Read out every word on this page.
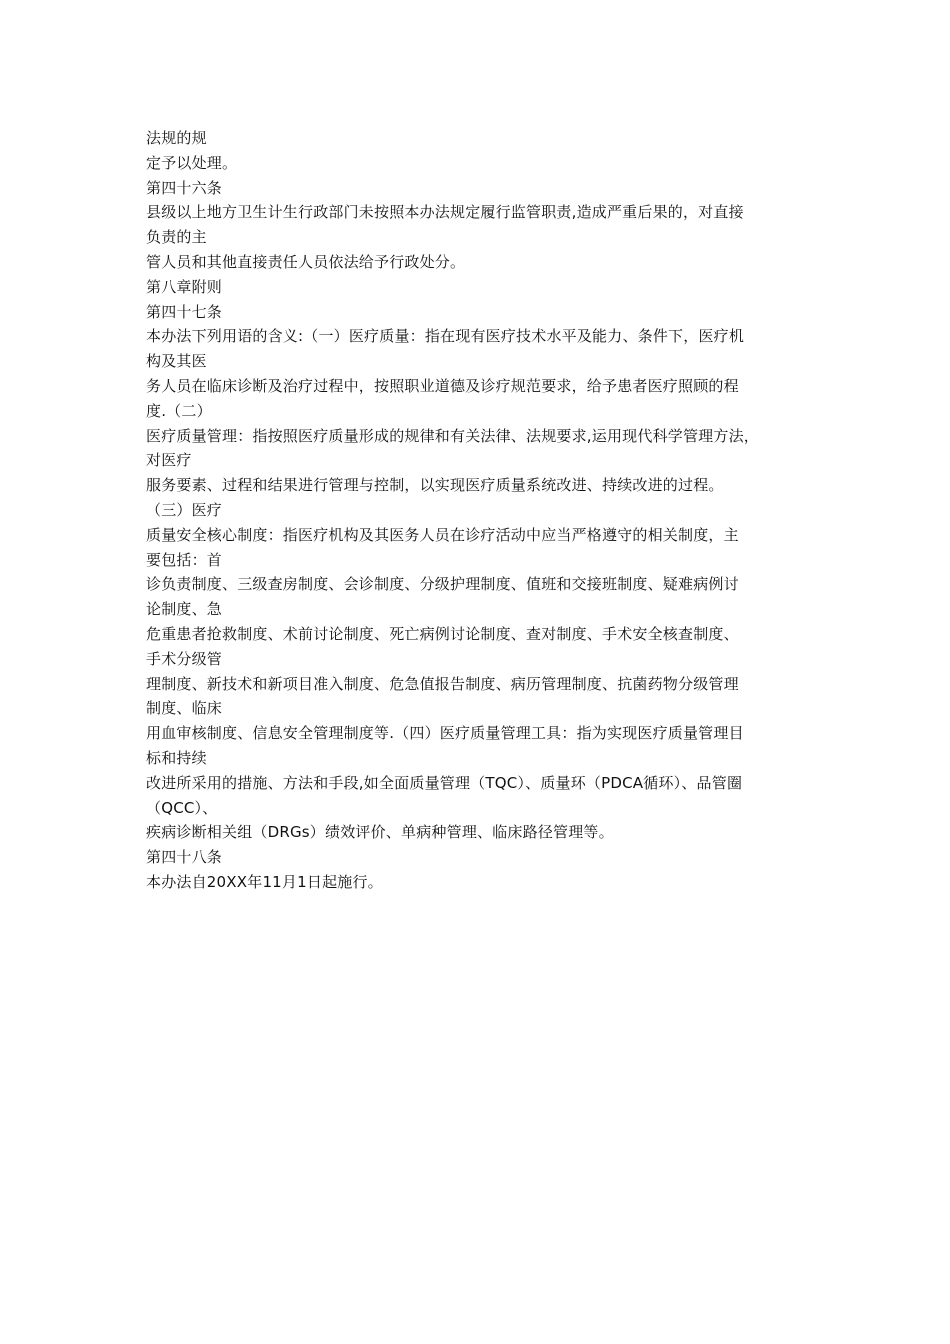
法规的规
定予以处理。
第四十六条
县级以上地方卫生计生行政部门未按照本办法规定履行监管职责,造成严重后果的，对直接
负责的主
管人员和其他直接责任人员依法给予行政处分。
第八章附则
第四十七条
本办法下列用语的含义:（一）医疗质量：指在现有医疗技术水平及能力、条件下，医疗机
构及其医
务人员在临床诊断及治疗过程中，按照职业道德及诊疗规范要求，给予患者医疗照顾的程
度.（二）
医疗质量管理：指按照医疗质量形成的规律和有关法律、法规要求,运用现代科学管理方法，
对医疗
服务要素、过程和结果进行管理与控制，以实现医疗质量系统改进、持续改进的过程。
（三）医疗
质量安全核心制度：指医疗机构及其医务人员在诊疗活动中应当严格遵守的相关制度，主
要包括：首
诊负责制度、三级查房制度、会诊制度、分级护理制度、值班和交接班制度、疑难病例讨
论制度、急
危重患者抢救制度、术前讨论制度、死亡病例讨论制度、查对制度、手术安全核查制度、
手术分级管
理制度、新技术和新项目准入制度、危急值报告制度、病历管理制度、抗菌药物分级管理
制度、临床
用血审核制度、信息安全管理制度等.（四）医疗质量管理工具：指为实现医疗质量管理目
标和持续
改进所采用的措施、方法和手段,如全面质量管理（TQC）、质量环（PDCA循环）、品管圈
（QCC）、
疾病诊断相关组（DRGs）绩效评价、单病种管理、临床路径管理等。
第四十八条
本办法自20XX年11月1日起施行。
